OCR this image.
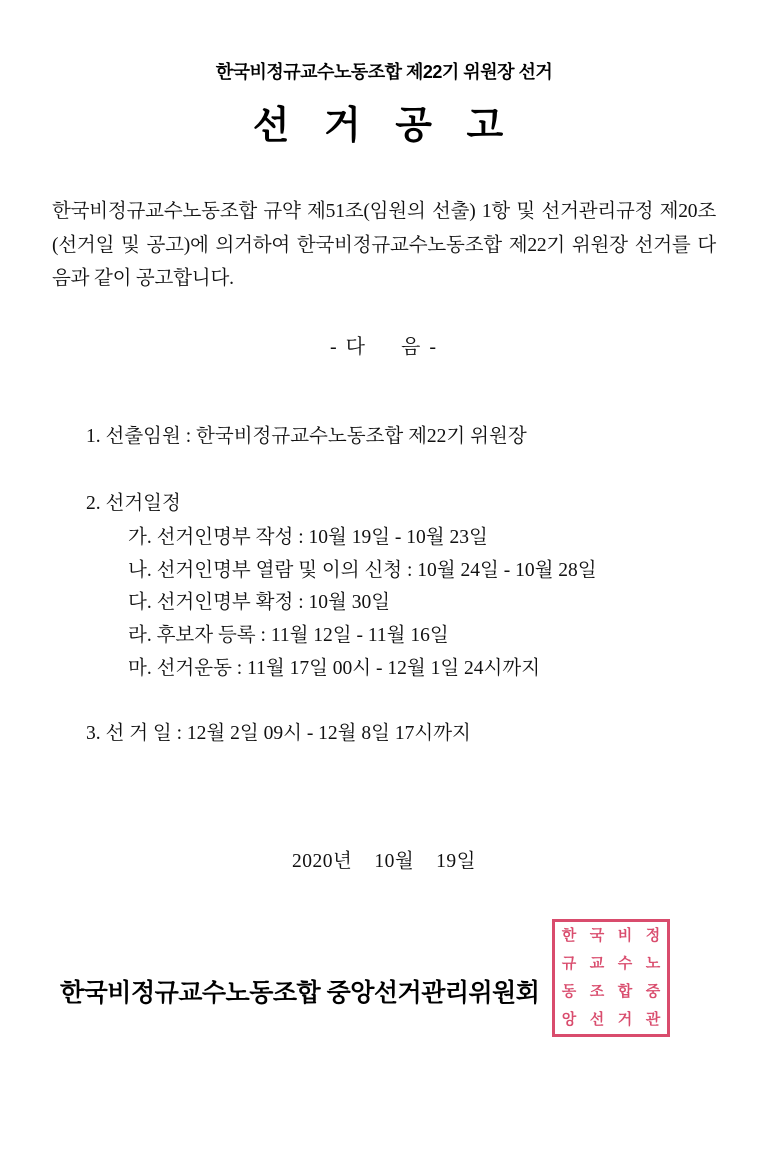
한국비정규교수노동조합 제22기 위원장 선거
선 거 공 고
한국비정규교수노동조합 규약 제51조(임원의 선출) 1항 및 선거관리규정 제20조(선거일 및 공고)에 의거하여 한국비정규교수노동조합 제22기 위원장 선거를 다음과 같이 공고합니다.
- 다 음 -
1. 선출임원 : 한국비정규교수노동조합 제22기 위원장
2. 선거일정
가. 선거인명부 작성 : 10월 19일 - 10월 23일
나. 선거인명부 열람 및 이의 신청 : 10월 24일 - 10월 28일
다. 선거인명부 확정 : 10월 30일
라. 후보자 등록 : 11월 12일 - 11월 16일
마. 선거운동 : 11월 17일 00시 - 12월 1일 24시까지
3. 선 거 일 : 12월 2일 09시 - 12월 8일 17시까지
2020년 10월 19일
한국비정규교수노동조합 중앙선거관리위원회
한 국 비 정
규 교 수 노
동 조 합 중
앙 선 거 관
